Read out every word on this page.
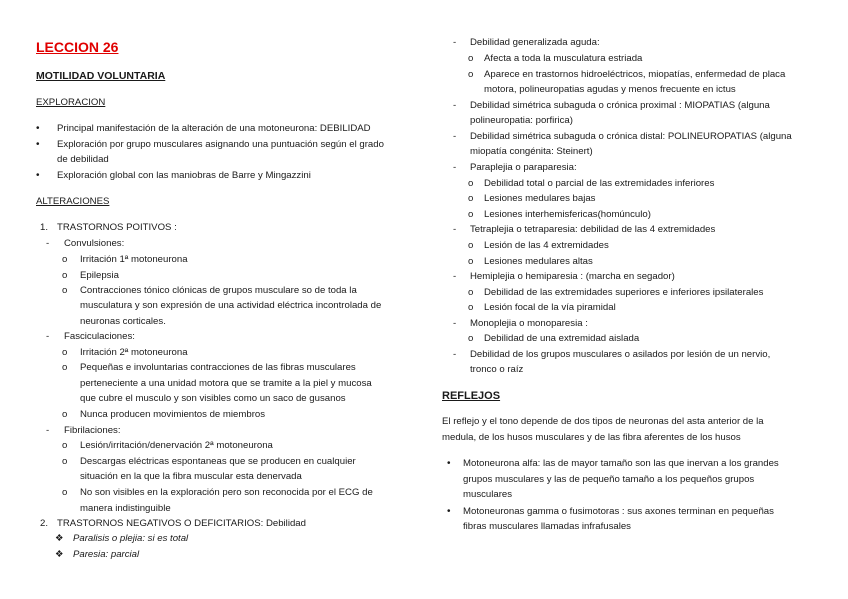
LECCION 26
MOTILIDAD VOLUNTARIA
EXPLORACION
• Principal manifestación de la alteración de una motoneurona: DEBILIDAD
• Exploración por grupo musculares asignando una puntuación según el grado
de debilidad
• Exploración global con las maniobras de Barre y Mingazzini
ALTERACIONES
1. TRASTORNOS POITIVOS :
- Convulsiones:
o Irritación 1ª motoneurona
o Epilepsia
o Contracciones tónico clónicas de grupos musculare so de toda la
musculatura y son expresión de una actividad eléctrica incontrolada de
neuronas corticales.
- Fasciculaciones:
o Irritación 2ª motoneurona
o Pequeñas e involuntarias contracciones de las fibras musculares
perteneciente a una unidad motora que se tramite a la piel y mucosa
que cubre el musculo y son visibles como un saco de gusanos
o Nunca producen movimientos de miembros
- Fibrilaciones:
o Lesión/irritación/denervación 2ª motoneurona
o Descargas eléctricas espontaneas que se producen en cualquier
situación en la que la fibra muscular esta denervada
o No son visibles en la exploración pero son reconocida por el ECG de
manera indistinguible
2. TRASTORNOS NEGATIVOS O DEFICITARIOS: Debilidad
❖ Paralisis o plejia: si es total
❖ Paresia: parcial
- Debilidad generalizada aguda:
o Afecta a toda la musculatura estriada
o Aparece en trastornos hidroeléctricos, miopatías, enfermedad de placa
motora, polineuropatias agudas y menos frecuente en ictus
- Debilidad simétrica subaguda o crónica proximal : MIOPATIAS (alguna
polineuropatia: porfirica)
- Debilidad simétrica subaguda o crónica distal: POLINEUROPATIAS (alguna
miopatía congénita: Steinert)
- Paraplejia o paraparesia:
o Debilidad total o parcial de las extremidades inferiores
o Lesiones medulares bajas
o Lesiones interhemisfericas(homúnculo)
- Tetraplejia o tetraparesia: debilidad de las 4 extremidades
o Lesión de las 4 extremidades
o Lesiones medulares altas
- Hemiplejia o hemiparesia : (marcha en segador)
o Debilidad de las extremidades superiores e inferiores ipsilaterales
o Lesión focal de la vía piramidal
- Monoplejia o monoparesia :
o Debilidad de una extremidad aislada
- Debilidad de los grupos musculares o asilados por lesión de un nervio,
tronco o raíz
REFLEJOS
El reflejo y el tono depende de dos tipos de neuronas del asta anterior de la
medula, de los husos musculares y de las fibra aferentes de los husos
• Motoneurona alfa: las de mayor tamaño son las que inervan a los grandes
grupos musculares y las de pequeño tamaño a los pequeños grupos
musculares
• Motoneuronas gamma o fusimotoras : sus axones terminan en pequeñas
fibras musculares llamadas infrafusales
